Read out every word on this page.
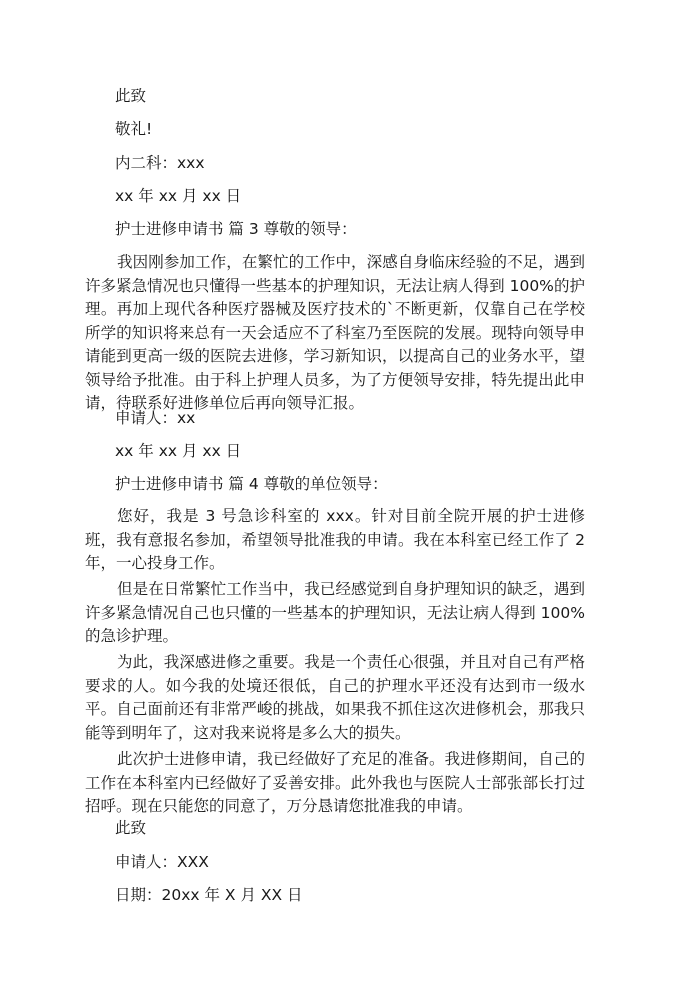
此致

敬礼!

内二科：xxx

xx 年 xx 月 xx 日

护士进修申请书 篇 3 尊敬的领导：

我因刚参加工作，在繁忙的工作中，深感自身临床经验的不足，遇到许多紧急情况也只懂得一些基本的护理知识，无法让病人得到 100%的护理。再加上现代各种医疗器械及医疗技术的`不断更新，仅靠自己在学校所学的知识将来总有一天会适应不了科室乃至医院的发展。现特向领导申请能到更高一级的医院去进修，学习新知识，以提高自己的业务水平，望领导给予批准。由于科上护理人员多，为了方便领导安排，特先提出此申请，待联系好进修单位后再向领导汇报。

申请人：xx

xx 年 xx 月 xx 日

护士进修申请书 篇 4 尊敬的单位领导：

您好，我是 3 号急诊科室的 xxx。针对目前全院开展的护士进修班，我有意报名参加，希望领导批准我的申请。我在本科室已经工作了 2 年，一心投身工作。

但是在日常繁忙工作当中，我已经感觉到自身护理知识的缺乏，遇到许多紧急情况自己也只懂的一些基本的护理知识，无法让病人得到 100%的急诊护理。

为此，我深感进修之重要。我是一个责任心很强，并且对自己有严格要求的人。如今我的处境还很低，自己的护理水平还没有达到市一级水平。自己面前还有非常严峻的挑战，如果我不抓住这次进修机会，那我只能等到明年了，这对我来说将是多么大的损失。

此次护士进修申请，我已经做好了充足的准备。我进修期间，自己的工作在本科室内已经做好了妥善安排。此外我也与医院人士部张部长打过招呼。现在只能您的同意了，万分恳请您批准我的申请。

此致

申请人：XXX

日期：20xx 年 X 月 XX 日
